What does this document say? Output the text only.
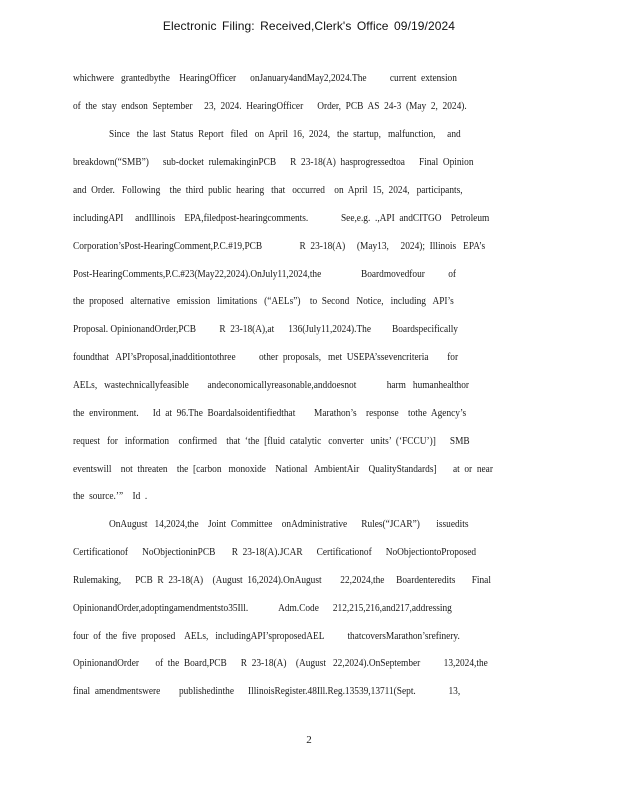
Electronic Filing: Received,Clerk's Office 09/19/2024
whichwere   grantedbythe    HearingOfficer      onJanuary4andMay2,2024.The          current  extension
of  the  stay  endson  September     23,  2024.  HearingOfficer      Order,  PCB  AS  24-3  (May  2,  2024).
Since   the  last  Status  Report   filed   on  April  16,  2024,   the  startup,   malfunction,     and
breakdown(“SMB”)      sub-docket  rulemakinginPCB      R  23-18(A)  hasprogressedtoa      Final  Opinion
and  Order.   Following    the  third  public  hearing   that   occurred    on  April  15,  2024,   participants,
includingAPI     andIllinois    EPA,filedpost-hearingcomments.              See,e.g.  .,API  andCITGO    Petroleum
Corporation’sPost-HearingComment,P.C.#19,PCB                R  23-18(A)     (May13,     2024);  Illinois   EPA’s
Post-HearingComments,P.C.#23(May22,2024).OnJuly11,2024,the                 Boardmovedfour          of
the  proposed   alternative   emission   limitations   (“AELs”)    to  Second   Notice,   including   API’s
Proposal. OpinionandOrder,PCB          R  23-18(A),at      136(July11,2024).The         Boardspecifically
foundthat   API’sProposal,inadditiontothree          other  proposals,   met  USEPA’ssevencriteria        for
AELs,   wastechnicallyfeasible        andeconomicallyreasonable,anddoesnot             harm   humanhealthor
the  environment.      Id  at  96.The  Boardalsoidentifiedthat        Marathon’s    response    tothe  Agency’s
request   for   information    confirmed    that  ‘the  [fluid  catalytic   converter   units’  (‘FCCU’)]      SMB
eventswill    not  threaten    the  [carbon   monoxide    National   AmbientAir    QualityStandards]       at  or  near
the  source.’”    Id  .
OnAugust   14,2024,the    Joint  Committee    onAdministrative      Rules(“JCAR”)       issuedits
Certificationof      NoObjectioninPCB       R  23-18(A).JCAR      Certificationof      NoObjectiontoProposed
Rulemaking,      PCB  R  23-18(A)    (August  16,2024).OnAugust        22,2024,the     Boardenteredits       Final
OpinionandOrder,adoptingamendmentsto35Ill.             Adm.Code      212,215,216,and217,addressing
four  of  the  five  proposed    AELs,   includingAPI’sproposedAEL          thatcoversMarathon’srefinery.
OpinionandOrder       of  the  Board,PCB      R  23-18(A)    (August   22,2024).OnSeptember          13,2024,the
final  amendmentswere        publishedinthe      IllinoisRegister.48Ill.Reg.13539,13711(Sept.              13,
2
